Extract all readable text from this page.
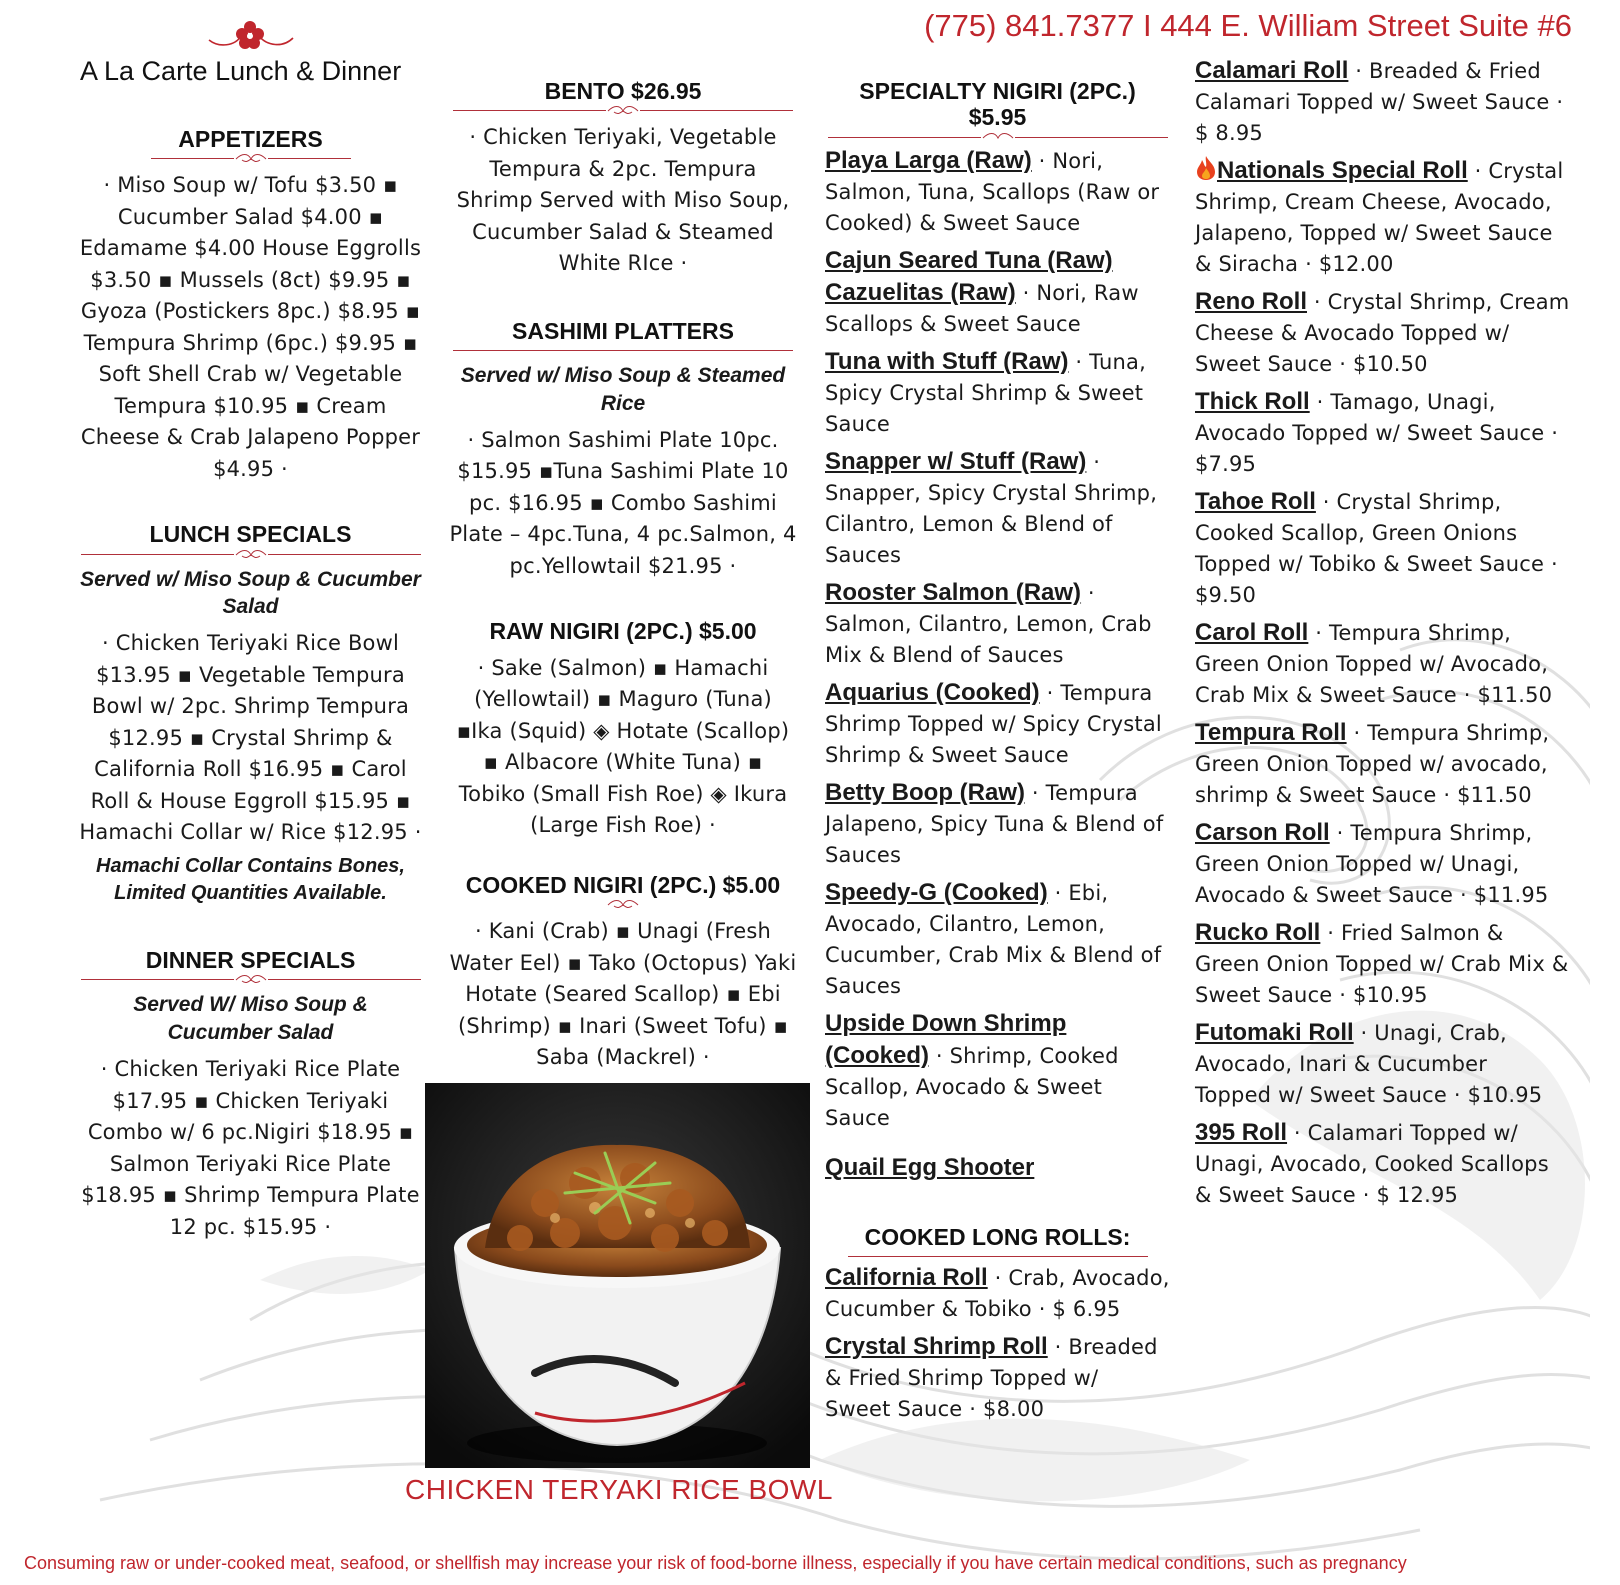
(775) 841.7377 I 444 E. William Street Suite #6
A La Carte Lunch & Dinner
APPETIZERS
· Miso Soup w/ Tofu $3.50 ▪ Cucumber Salad $4.00 ▪ Edamame $4.00 House Eggrolls $3.50 ▪ Mussels (8ct) $9.95 ▪ Gyoza (Postickers 8pc.) $8.95 ▪ Tempura Shrimp (6pc.) $9.95 ▪ Soft Shell Crab w/ Vegetable Tempura $10.95 ▪ Cream Cheese & Crab Jalapeno Popper $4.95 ·
LUNCH SPECIALS
Served w/ Miso Soup & Cucumber Salad
· Chicken Teriyaki Rice Bowl $13.95 ▪ Vegetable Tempura Bowl w/ 2pc. Shrimp Tempura $12.95 ▪ Crystal Shrimp & California Roll $16.95 ▪ Carol Roll & House Eggroll $15.95 ▪ Hamachi Collar w/ Rice $12.95 ·
Hamachi Collar Contains Bones, Limited Quantities Available.
DINNER SPECIALS
Served W/ Miso Soup & Cucumber Salad
· Chicken Teriyaki Rice Plate $17.95 ▪ Chicken Teriyaki Combo w/ 6 pc.Nigiri $18.95 ▪ Salmon Teriyaki Rice Plate $18.95 ▪ Shrimp Tempura Plate 12 pc. $15.95 ·
BENTO $26.95
· Chicken Teriyaki, Vegetable Tempura & 2pc. Tempura Shrimp Served with Miso Soup, Cucumber Salad & Steamed White RIce ·
SASHIMI PLATTERS
Served w/ Miso Soup & Steamed Rice
· Salmon Sashimi Plate 10pc. $15.95 ▪Tuna Sashimi Plate 10 pc. $16.95 ▪ Combo Sashimi Plate – 4pc.Tuna, 4 pc.Salmon, 4 pc.Yellowtail $21.95 ·
RAW NIGIRI (2PC.) $5.00
· Sake (Salmon) ▪ Hamachi (Yellowtail) ▪ Maguro (Tuna) ▪Ika (Squid) ◈ Hotate (Scallop) ▪ Albacore (White Tuna) ▪ Tobiko (Small Fish Roe) ◈ Ikura (Large Fish Roe) ·
COOKED NIGIRI (2PC.) $5.00
· Kani (Crab) ▪ Unagi (Fresh Water Eel) ▪ Tako (Octopus) Yaki Hotate (Seared Scallop) ▪ Ebi (Shrimp) ▪ Inari (Sweet Tofu) ▪ Saba (Mackrel) ·
CHICKEN TERYAKI RICE BOWL
SPECIALTY NIGIRI (2PC.) $5.95
Playa Larga (Raw) · Nori, Salmon, Tuna, Scallops (Raw or Cooked) & Sweet Sauce
Cajun Seared Tuna (Raw)
Cazuelitas (Raw) · Nori, Raw Scallops & Sweet Sauce
Tuna with Stuff (Raw) · Tuna, Spicy Crystal Shrimp & Sweet Sauce
Snapper w/ Stuff (Raw) · Snapper, Spicy Crystal Shrimp, Cilantro, Lemon & Blend of Sauces
Rooster Salmon (Raw) · Salmon, Cilantro, Lemon, Crab Mix & Blend of Sauces
Aquarius (Cooked) · Tempura Shrimp Topped w/ Spicy Crystal Shrimp & Sweet Sauce
Betty Boop (Raw) · Tempura Jalapeno, Spicy Tuna & Blend of Sauces
Speedy-G (Cooked) · Ebi, Avocado, Cilantro, Lemon, Cucumber, Crab Mix & Blend of Sauces
Upside Down Shrimp (Cooked) · Shrimp, Cooked Scallop, Avocado & Sweet Sauce
Quail Egg Shooter
COOKED LONG ROLLS:
California Roll · Crab, Avocado, Cucumber & Tobiko · $ 6.95
Crystal Shrimp Roll · Breaded & Fried Shrimp Topped w/ Sweet Sauce · $8.00
Calamari Roll · Breaded & Fried Calamari Topped w/ Sweet Sauce · $ 8.95
Nationals Special Roll · Crystal Shrimp, Cream Cheese, Avocado, Jalapeno, Topped w/ Sweet Sauce & Siracha · $12.00
Reno Roll · Crystal Shrimp, Cream Cheese & Avocado Topped w/ Sweet Sauce · $10.50
Thick Roll · Tamago, Unagi, Avocado Topped w/ Sweet Sauce · $7.95
Tahoe Roll · Crystal Shrimp, Cooked Scallop, Green Onions Topped w/ Tobiko & Sweet Sauce · $9.50
Carol Roll · Tempura Shrimp, Green Onion Topped w/ Avocado, Crab Mix & Sweet Sauce · $11.50
Tempura Roll · Tempura Shrimp, Green Onion Topped w/ avocado, shrimp & Sweet Sauce · $11.50
Carson Roll · Tempura Shrimp, Green Onion Topped w/ Unagi, Avocado & Sweet Sauce · $11.95
Rucko Roll · Fried Salmon & Green Onion Topped w/ Crab Mix & Sweet Sauce · $10.95
Futomaki Roll · Unagi, Crab, Avocado, Inari & Cucumber Topped w/ Sweet Sauce · $10.95
395 Roll · Calamari Topped w/ Unagi, Avocado, Cooked Scallops & Sweet Sauce · $ 12.95
Consuming raw or under-cooked meat, seafood, or shellfish may increase your risk of food-borne illness, especially if you have certain medical conditions, such as pregnancy
